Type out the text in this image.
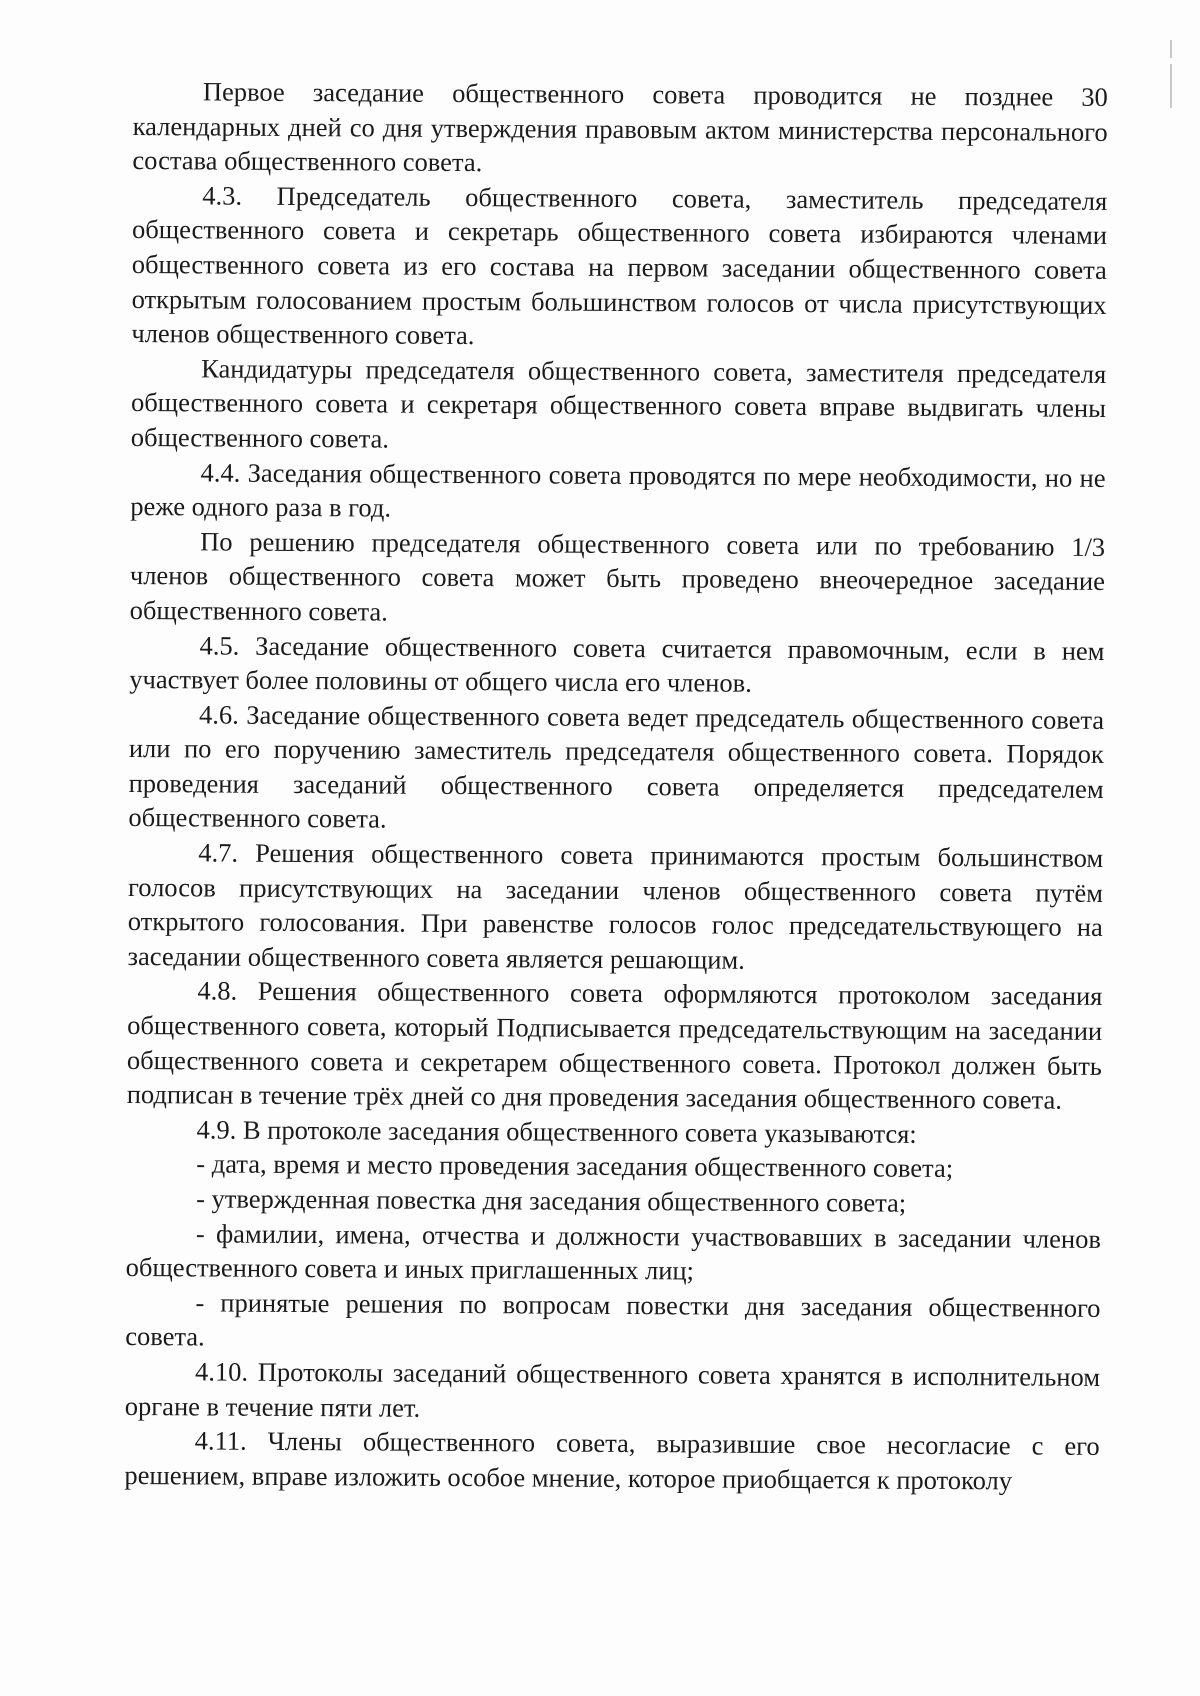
Первое заседание общественного совета проводится не позднее 30 календарных дней со дня утверждения правовым актом министерства персонального состава общественного совета.

4.3. Председатель общественного совета, заместитель председателя общественного совета и секретарь общественного совета избираются членами общественного совета из его состава на первом заседании общественного совета открытым голосованием простым большинством голосов от числа присутствующих членов общественного совета.

Кандидатуры председателя общественного совета, заместителя председателя общественного совета и секретаря общественного совета вправе выдвигать члены общественного совета.

4.4. Заседания общественного совета проводятся по мере необходимости, но не реже одного раза в год.

По решению председателя общественного совета или по требованию 1/3 членов общественного совета может быть проведено внеочередное заседание общественного совета.

4.5. Заседание общественного совета считается правомочным, если в нем участвует более половины от общего числа его членов.

4.6. Заседание общественного совета ведет председатель общественного совета или по его поручению заместитель председателя общественного совета. Порядок проведения заседаний общественного совета определяется председателем общественного совета.

4.7. Решения общественного совета принимаются простым большинством голосов присутствующих на заседании членов общественного совета путём открытого голосования. При равенстве голосов голос председательствующего на заседании общественного совета является решающим.

4.8. Решения общественного совета оформляются протоколом заседания общественного совета, который Подписывается председательствующим на заседании общественного совета и секретарем общественного совета. Протокол должен быть подписан в течение трёх дней со дня проведения заседания общественного совета.

4.9. В протоколе заседания общественного совета указываются:

- дата, время и место проведения заседания общественного совета;

- утвержденная повестка дня заседания общественного совета;

- фамилии, имена, отчества и должности участвовавших в заседании членов общественного совета и иных приглашенных лиц;

- принятые решения по вопросам повестки дня заседания общественного совета.

4.10. Протоколы заседаний общественного совета хранятся в исполнительном органе в течение пяти лет.

4.11. Члены общественного совета, выразившие свое несогласие с его решением, вправе изложить особое мнение, которое приобщается к протоколу
